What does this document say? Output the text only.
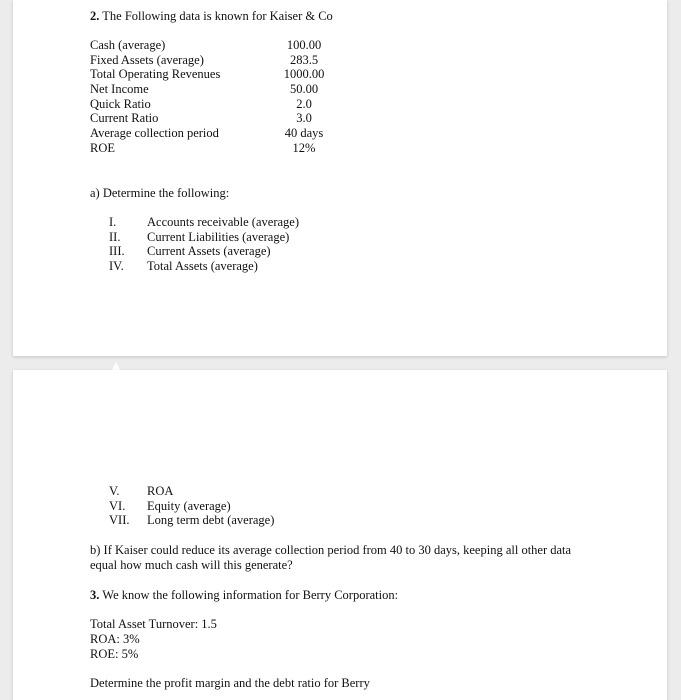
2. The Following data is known for Kaiser & Co
Cash (average)	100.00
Fixed Assets (average)	283.5
Total Operating Revenues	1000.00
Net Income	50.00
Quick Ratio	2.0
Current Ratio	3.0
Average collection period	40 days
ROE	12%
a) Determine the following:
I. Accounts receivable (average)
II. Current Liabilities (average)
III. Current Assets (average)
IV. Total Assets (average)
V. ROA
VI. Equity (average)
VII. Long term debt (average)
b) If Kaiser could reduce its average collection period from 40 to 30 days, keeping all other data equal how much cash will this generate?
3. We know the following information for Berry Corporation:
Total Asset Turnover: 1.5
ROA: 3%
ROE: 5%
Determine the profit margin and the debt ratio for Berry
